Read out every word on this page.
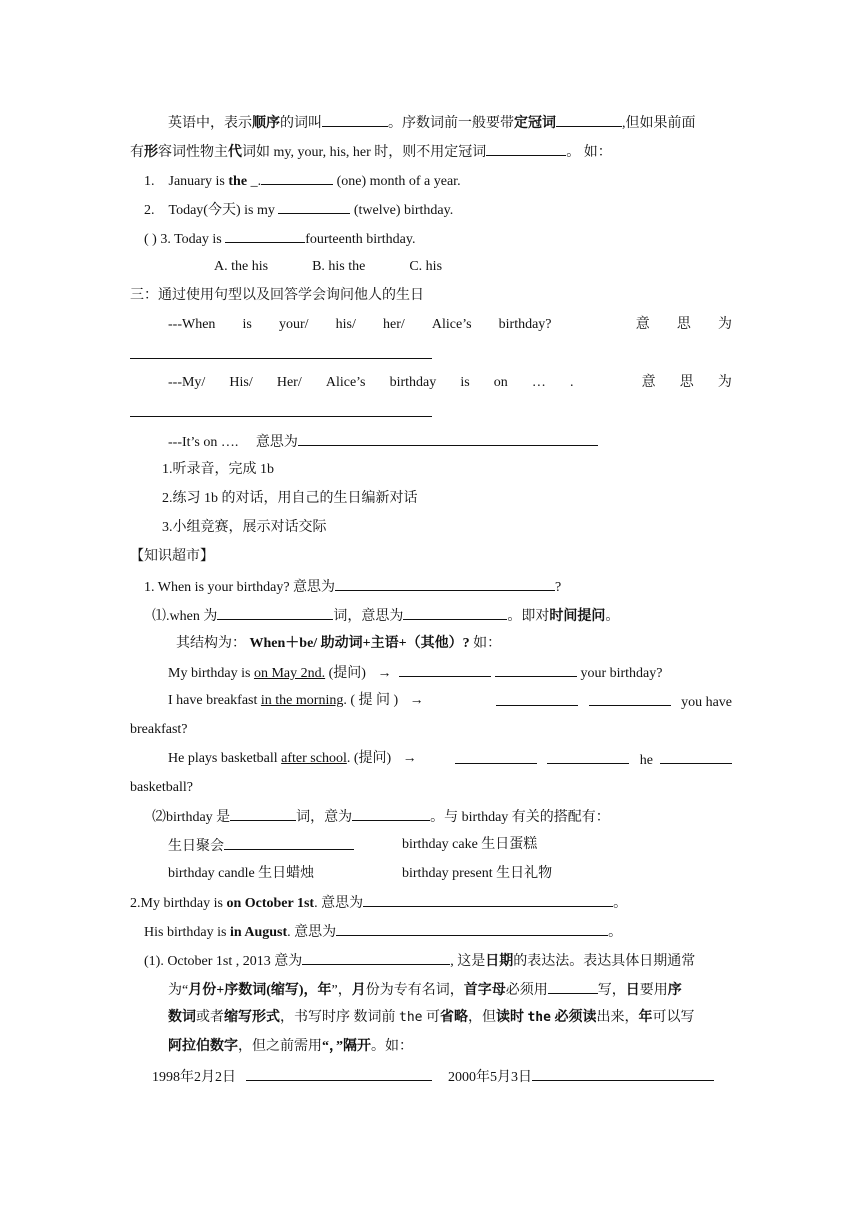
英语中，表示顺序的词叫	。序数词前一般要带定冠词	,但如果前面
有形容词性物主代词如 my, your, his, her 时，则不用定冠词	。 如：
1. January is the _.	(one) month of a year.
2. Today(今天) is my	(twelve) birthday.
( ) 3. Today is	fourteenth birthday.
A. the his	B. his the	C. his
三：通过使用句型以及回答学会询问他人的生日
---When is your/ his/ her/ Alice’s birthday?	意 思 为
---My/ His/ Her/ Alice’s birthday is on … .	意 思 为
---It’s on …. 意思为
1.听录音，完成 1b
2.练习 1b 的对话，用自己的生日编新对话
3.小组竞赛，展示对话交际
【知识超市】
1. When is your birthday? 意思为	?
⑴.when 为	词，意思为	。即对时间提问。
其结构为： When＋be/ 助动词+主语+（其他）? 如：
My birthday is on May 2nd. (提问) →	your birthday?
I have breakfast in the morning. ( 提 问 ) →	you have
breakfast?
He plays basketball after school. (提问) →	he
basketball?
⑵birthday 是	词，意为	。与 birthday 有关的搭配有：
生日聚会	birthday cake 生日蛋糕
birthday candle 生日蜡烛	birthday present 生日礼物
2.My birthday is on October 1st. 意思为	。
His birthday is in August. 意思为	。
(1). October 1st , 2013 意为	, 这是日期的表达法。表达具体日期通常
为“月份+序数词(缩写)，年”，月份为专有名词，首字母必须用	写，日要用序
数词或者缩写形式，书写时序 数词前 the 可省略，但读时 the 必须读出来，年可以写
阿拉伯数字，但之前需用“，”隔开。如：
1998年2月2日	2000年5月3日
